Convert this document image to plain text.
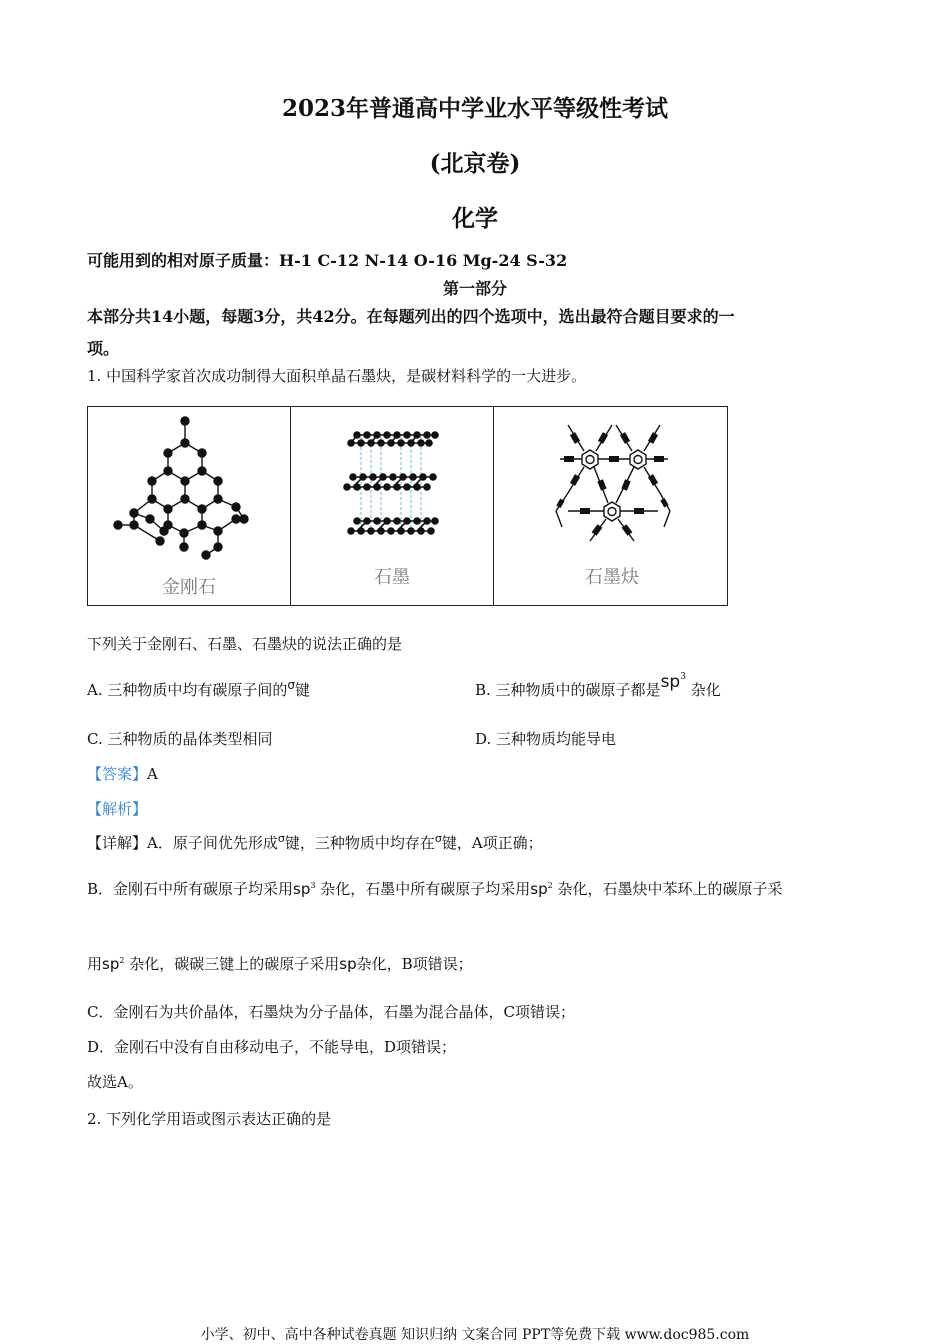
2023年普通高中学业水平等级性考试
(北京卷)
化学
可能用到的相对原子质量：H-1 C-12 N-14 O-16 Mg-24 S-32
第一部分
本部分共14小题，每题3分，共42分。在每题列出的四个选项中，选出最符合题目要求的一
项。
1. 中国科学家首次成功制得大面积单晶石墨炔，是碳材料科学的一大进步。
金刚石	石墨	石墨炔
下列关于金刚石、石墨、石墨炔的说法正确的是
A. 三种物质中均有碳原子间的$^\sigma$键	B. 三种物质中的碳原子都是$sp^3$ 杂化
C. 三种物质的晶体类型相同	D. 三种物质均能导电
【答案】A
【解析】
【详解】A．原子间优先形成$^\sigma$键，三种物质中均存在$^\sigma$键，A项正确；
B．金刚石中所有碳原子均采用$sp^3$ 杂化，石墨中所有碳原子均采用$sp^2$ 杂化，石墨炔中苯环上的碳原子采
用$sp^2$ 杂化，碳碳三键上的碳原子采用sp杂化，B项错误；
C．金刚石为共价晶体，石墨炔为分子晶体，石墨为混合晶体，C项错误；
D．金刚石中没有自由移动电子，不能导电，D项错误；
故选A。
2. 下列化学用语或图示表达正确的是
小学、初中、高中各种试卷真题 知识归纳 文案合同 PPT等免费下载 www.doc985.com
